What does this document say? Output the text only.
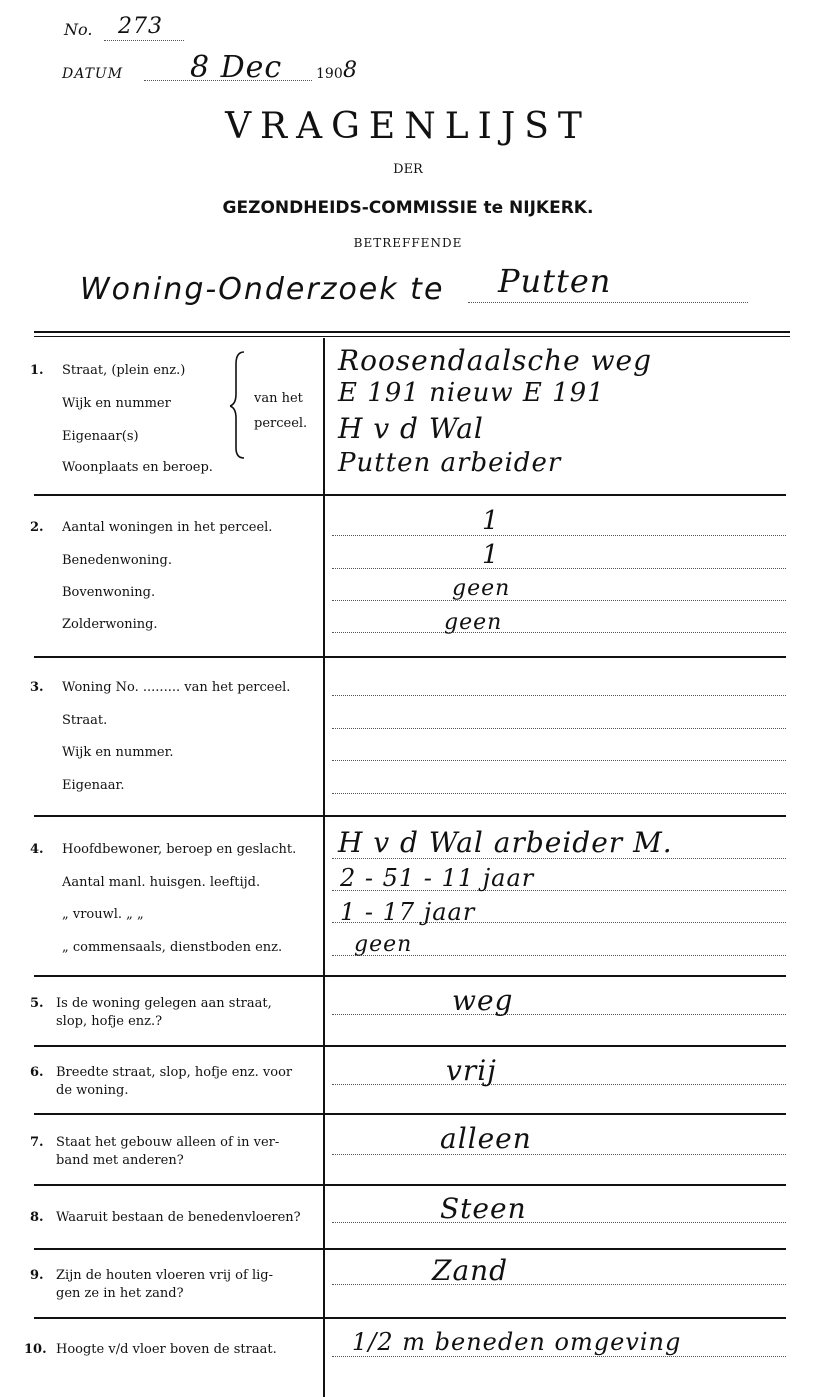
No. 273
DATUM 8 Dec 190 8
VRAGENLIJST
DER
GEZONDHEIDS-COMMISSIE te NIJKERK.
BETREFFENDE
Woning-Onderzoek te Putten
1. Straat, (plein enz.)
Wijk en nummer
Eigenaar(s)
Woonplaats en beroep.
van het
perceel.
Roosendaalsche weg
E 191 nieuw E 191
H v d Wal
Putten arbeider
2. Aantal woningen in het perceel.
Benedenwoning.
Bovenwoning.
Zolderwoning.
1
1
geen
geen
3. Woning No. ......... van het perceel.
Straat.
Wijk en nummer.
Eigenaar.
4. Hoofdbewoner, beroep en geslacht.
Aantal manl. huisgen. leeftijd.
„ vrouwl. „ „
„ commensaals, dienstboden enz.
H v d Wal arbeider M.
2 - 51 - 11 jaar
1 - 17 jaar
geen
5. Is de woning gelegen aan straat,
slop, hofje enz.?
weg
6. Breedte straat, slop, hofje enz. voor
de woning.
vrij
7. Staat het gebouw alleen of in ver-
band met anderen?
alleen
8. Waaruit bestaan de benedenvloeren?	Steen
9. Zijn de houten vloeren vrij of lig-
gen ze in het zand?
Zand
10. Hoogte v/d vloer boven de straat.	1/2 m beneden omgeving
